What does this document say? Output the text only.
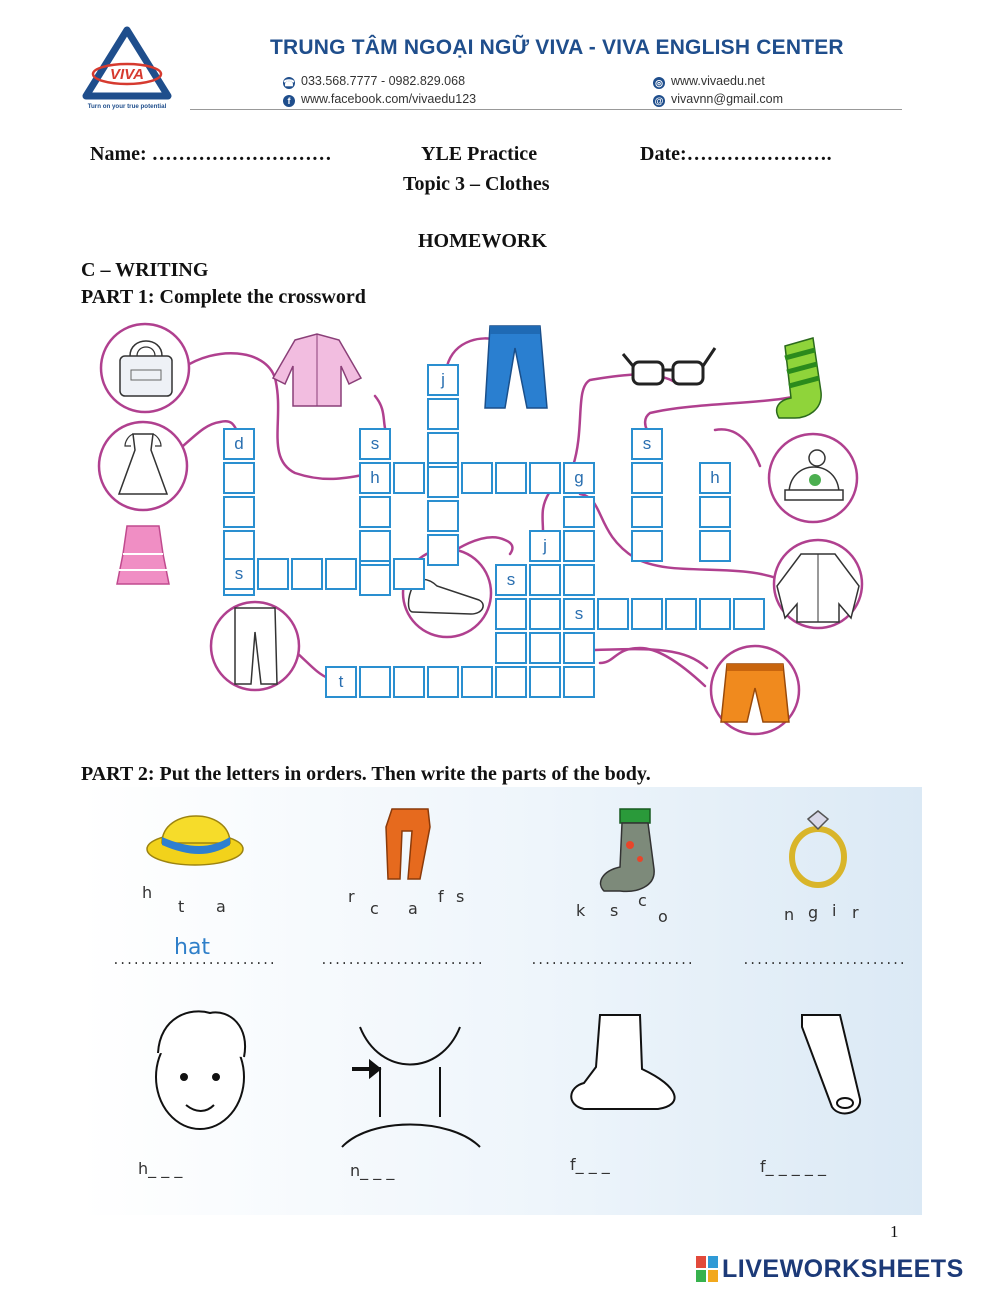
VIVA
Turn on your true potential
TRUNG TÂM NGOẠI NGỮ VIVA - VIVA ENGLISH CENTER
☎ 033.568.7777 - 0982.829.068
f www.facebook.com/vivaedu123
◎ www.vivaedu.net
@ vivavnn@gmail.com
Name: ………………………	YLE Practice	Date:………………….
Topic 3 – Clothes
HOMEWORK
C – WRITING
PART 1: Complete the crossword
d
s
s
h
j
g
s
h
j
s
s
t
PART 2: Put the letters in orders. Then write the parts of the body.
h
t a
r
c a
f s
k s
c
o	n g i r
hat
........................	........................	........................	........................
h_ _ _	n_ _ _	f_ _ _	f_ _ _ _ _
1
LIVEWORKSHEETS
